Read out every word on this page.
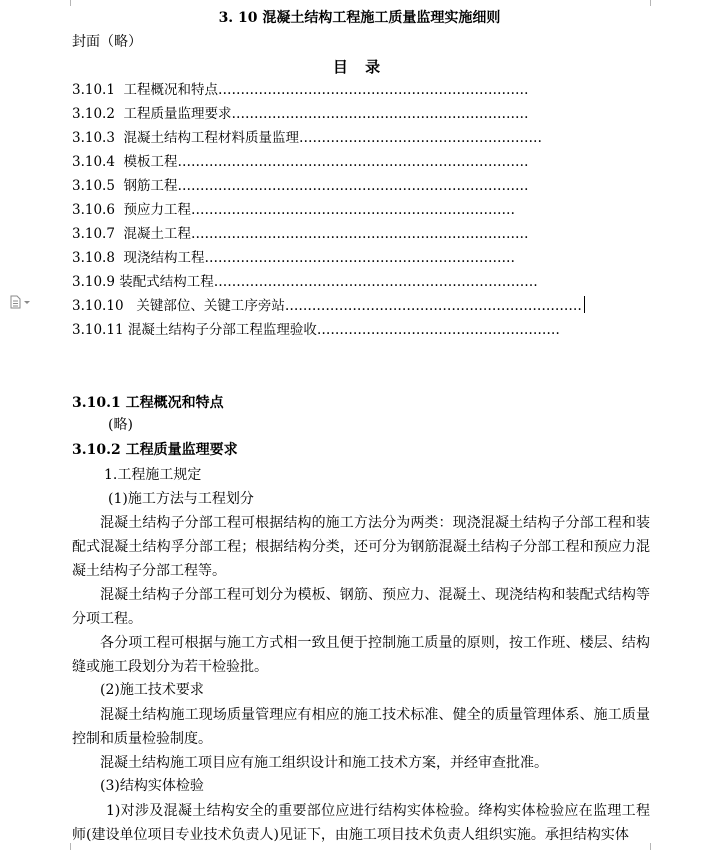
3. 10 混凝土结构工程施工质量监理实施细则
封面（略）
目 录
3.10.1 工程概况和特点……………………………………………………………
3.10.2 工程质量监理要求…………………………………………………………
3.10.3 混凝土结构工程材料质量监理………………………………………………
3.10.4 模板工程……………………………………………………………………
3.10.5 钢筋工程……………………………………………………………………
3.10.6 预应力工程………………………………………………………………
3.10.7 混凝土工程…………………………………………………………………
3.10.8 现浇结构工程……………………………………………………………
3.10.9 装配式结构工程………………………………………………………………
3.10.10 关键部位、关键工序旁站…………………………………………………………
3.10.11 混凝土结构子分部工程监理验收………………………………………………
3.10.1 工程概况和特点
(略)
3.10.2 工程质量监理要求
1.工程施工规定
(1)施工方法与工程划分
混凝土结构子分部工程可根据结构的施工方法分为两类：现浇混凝土结构子分部工程和装配式混凝土结构孚分部工程；根据结构分类，还可分为钢筋混凝土结构子分部工程和预应力混凝土结构子分部工程等。
混凝土结构子分部工程可划分为模板、钢筋、预应力、混凝土、现浇结构和装配式结构等分项工程。
各分项工程可根据与施工方式相一致且便于控制施工质量的原则，按工作班、楼层、结构缝或施工段划分为若干检验批。
(2)施工技术要求
混凝土结构施工现场质量管理应有相应的施工技术标准、健全的质量管理体系、施工质量控制和质量检验制度。
混凝土结构施工项目应有施工组织设计和施工技术方案，并经审查批准。
(3)结构实体检验
1)对涉及混凝土结构安全的重要部位应进行结构实体检验。绛构实体检验应在监理工程师(建设单位项目专业技术负责人)见证下，由施工项目技术负责人组织实施。承担结构实体
